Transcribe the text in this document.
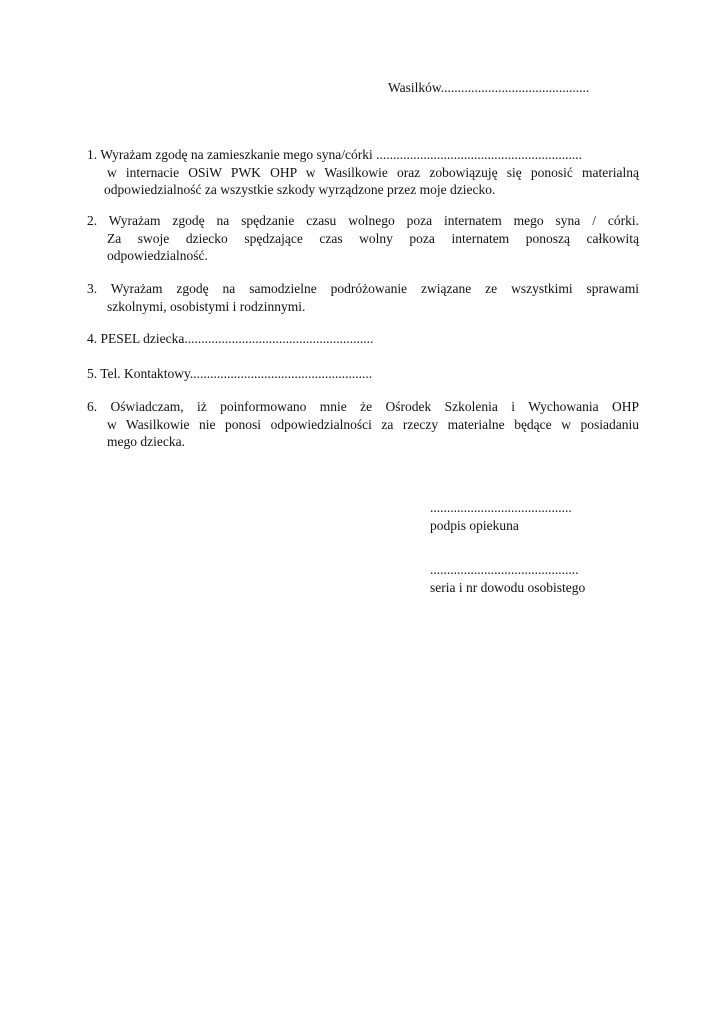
Wasilków............................................
1. Wyrażam zgodę na zamieszkanie mego syna/córki .............................................................
w internacie OSiW PWK OHP w Wasilkowie oraz zobowiązuję się ponosić materialną
odpowiedzialność za wszystkie szkody wyrządzone przez moje dziecko.
2. Wyrażam zgodę na spędzanie czasu wolnego poza internatem mego syna / córki.
Za swoje dziecko spędzające czas wolny poza internatem ponoszą całkowitą
odpowiedzialność.
3. Wyrażam zgodę na samodzielne podróżowanie związane ze wszystkimi sprawami
szkolnymi, osobistymi i rodzinnymi.
4. PESEL dziecka........................................................
5. Tel. Kontaktowy......................................................
6. Oświadczam, iż poinformowano mnie że Ośrodek Szkolenia i Wychowania OHP
w Wasilkowie nie ponosi odpowiedzialności za rzeczy materialne będące w posiadaniu
mego dziecka.
..........................................
podpis opiekuna
............................................
seria i nr dowodu osobistego
